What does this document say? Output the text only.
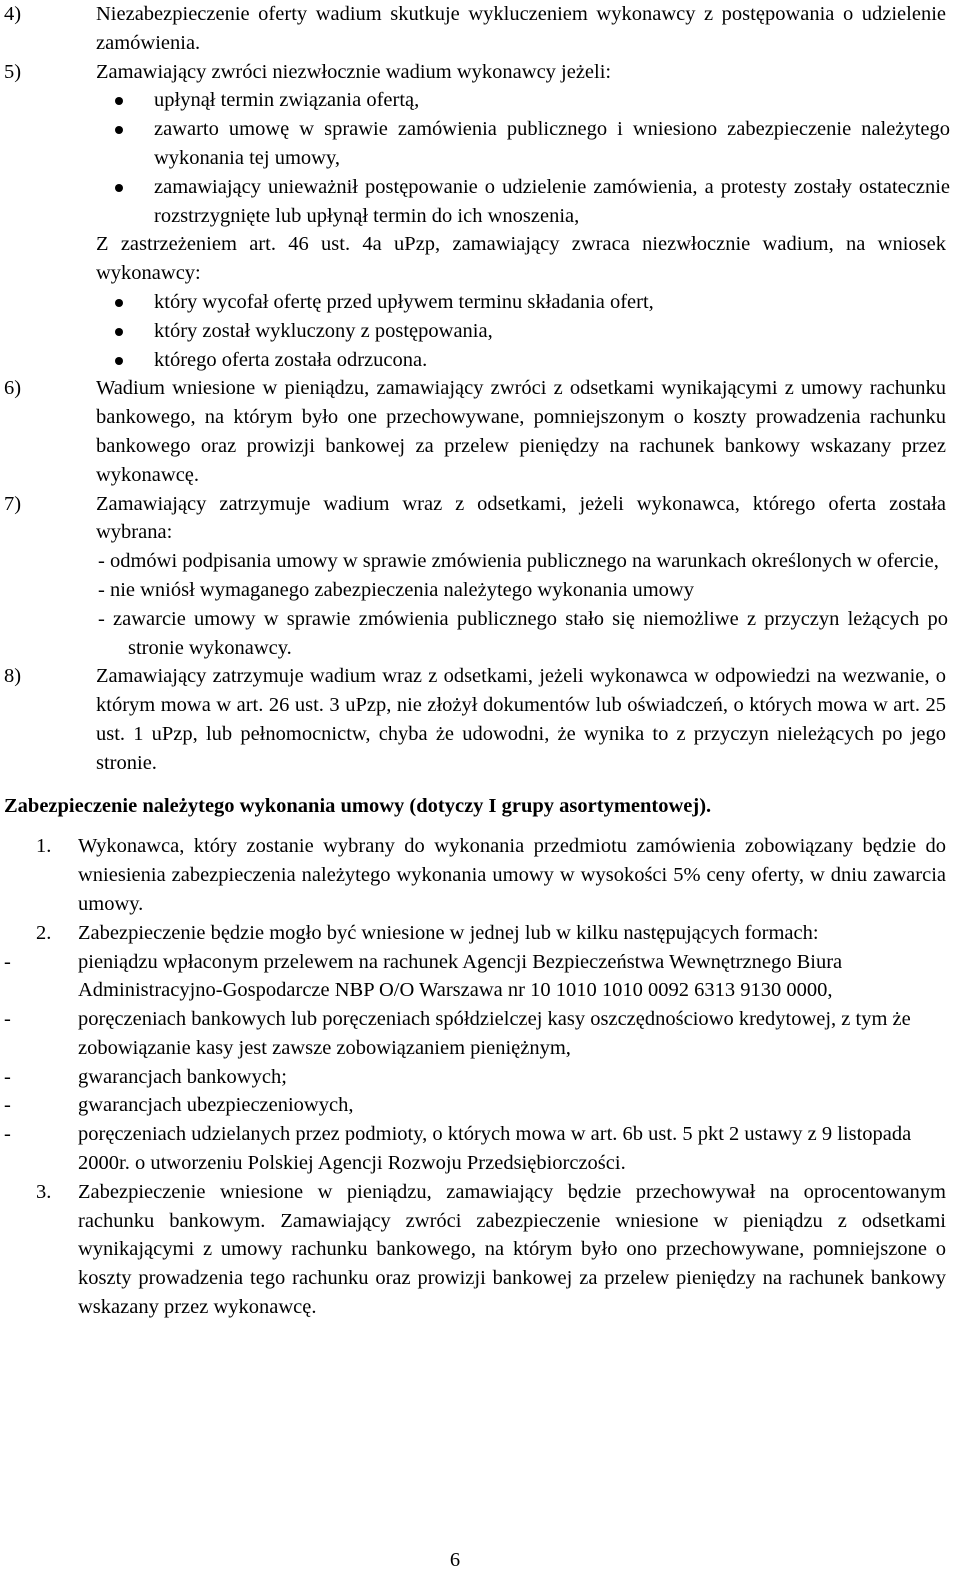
4)	Niezabezpieczenie oferty wadium skutkuje wykluczeniem wykonawcy z postępowania o udzielenie zamówienia.
5)	Zamawiający zwróci niezwłocznie wadium wykonawcy jeżeli:
upłynął termin związania ofertą,
zawarto umowę w sprawie zamówienia publicznego i wniesiono zabezpieczenie należytego wykonania tej umowy,
zamawiający unieważnił postępowanie o udzielenie zamówienia, a protesty zostały ostatecznie rozstrzygnięte lub upłynął termin do ich wnoszenia,
Z zastrzeżeniem art. 46 ust. 4a uPzp, zamawiający zwraca niezwłocznie wadium, na wniosek wykonawcy:
który wycofał ofertę przed upływem terminu składania ofert,
który został wykluczony z postępowania,
którego oferta została odrzucona.
6)	Wadium wniesione w pieniądzu, zamawiający zwróci z odsetkami wynikającymi z umowy rachunku bankowego, na którym było one przechowywane, pomniejszonym o koszty prowadzenia rachunku bankowego oraz prowizji bankowej za przelew pieniędzy na rachunek bankowy wskazany przez wykonawcę.
7)	Zamawiający zatrzymuje wadium wraz z odsetkami, jeżeli wykonawca, którego oferta została wybrana:
- odmówi podpisania umowy w sprawie zmówienia publicznego na warunkach określonych w ofercie,
- nie wniósł wymaganego zabezpieczenia należytego wykonania umowy
- zawarcie umowy w sprawie zmówienia publicznego stało się niemożliwe z przyczyn leżących po stronie wykonawcy.
8)	Zamawiający zatrzymuje wadium wraz z odsetkami, jeżeli wykonawca w odpowiedzi na wezwanie, o którym mowa w art. 26 ust. 3 uPzp, nie złożył dokumentów lub oświadczeń, o których mowa w art. 25 ust. 1 uPzp, lub pełnomocnictw, chyba że udowodni, że wynika to z przyczyn nieleżących po jego stronie.
Zabezpieczenie należytego wykonania umowy (dotyczy I grupy asortymentowej).
1. Wykonawca, który zostanie wybrany do wykonania przedmiotu zamówienia zobowiązany będzie do wniesienia zabezpieczenia należytego wykonania umowy w wysokości 5% ceny oferty, w dniu zawarcia umowy.
2. Zabezpieczenie będzie mogło być wniesione w jednej lub w kilku następujących formach:
-	pieniądzu wpłaconym przelewem na rachunek Agencji Bezpieczeństwa Wewnętrznego Biura Administracyjno-Gospodarcze NBP O/O Warszawa nr 10 1010 1010 0092 6313 9130 0000,
-	poręczeniach bankowych lub poręczeniach spółdzielczej kasy oszczędnościowo kredytowej, z tym że zobowiązanie kasy jest zawsze zobowiązaniem pieniężnym,
-	gwarancjach bankowych;
-	gwarancjach ubezpieczeniowych,
-	poręczeniach udzielanych przez podmioty, o których mowa w art. 6b ust. 5 pkt 2 ustawy z 9 listopada 2000r. o utworzeniu Polskiej Agencji Rozwoju Przedsiębiorczości.
3. Zabezpieczenie wniesione w pieniądzu, zamawiający będzie przechowywał na oprocentowanym rachunku bankowym. Zamawiający zwróci zabezpieczenie wniesione w pieniądzu z odsetkami wynikającymi z umowy rachunku bankowego, na którym było ono przechowywane, pomniejszone o koszty prowadzenia tego rachunku oraz prowizji bankowej za przelew pieniędzy na rachunek bankowy wskazany przez wykonawcę.
6
